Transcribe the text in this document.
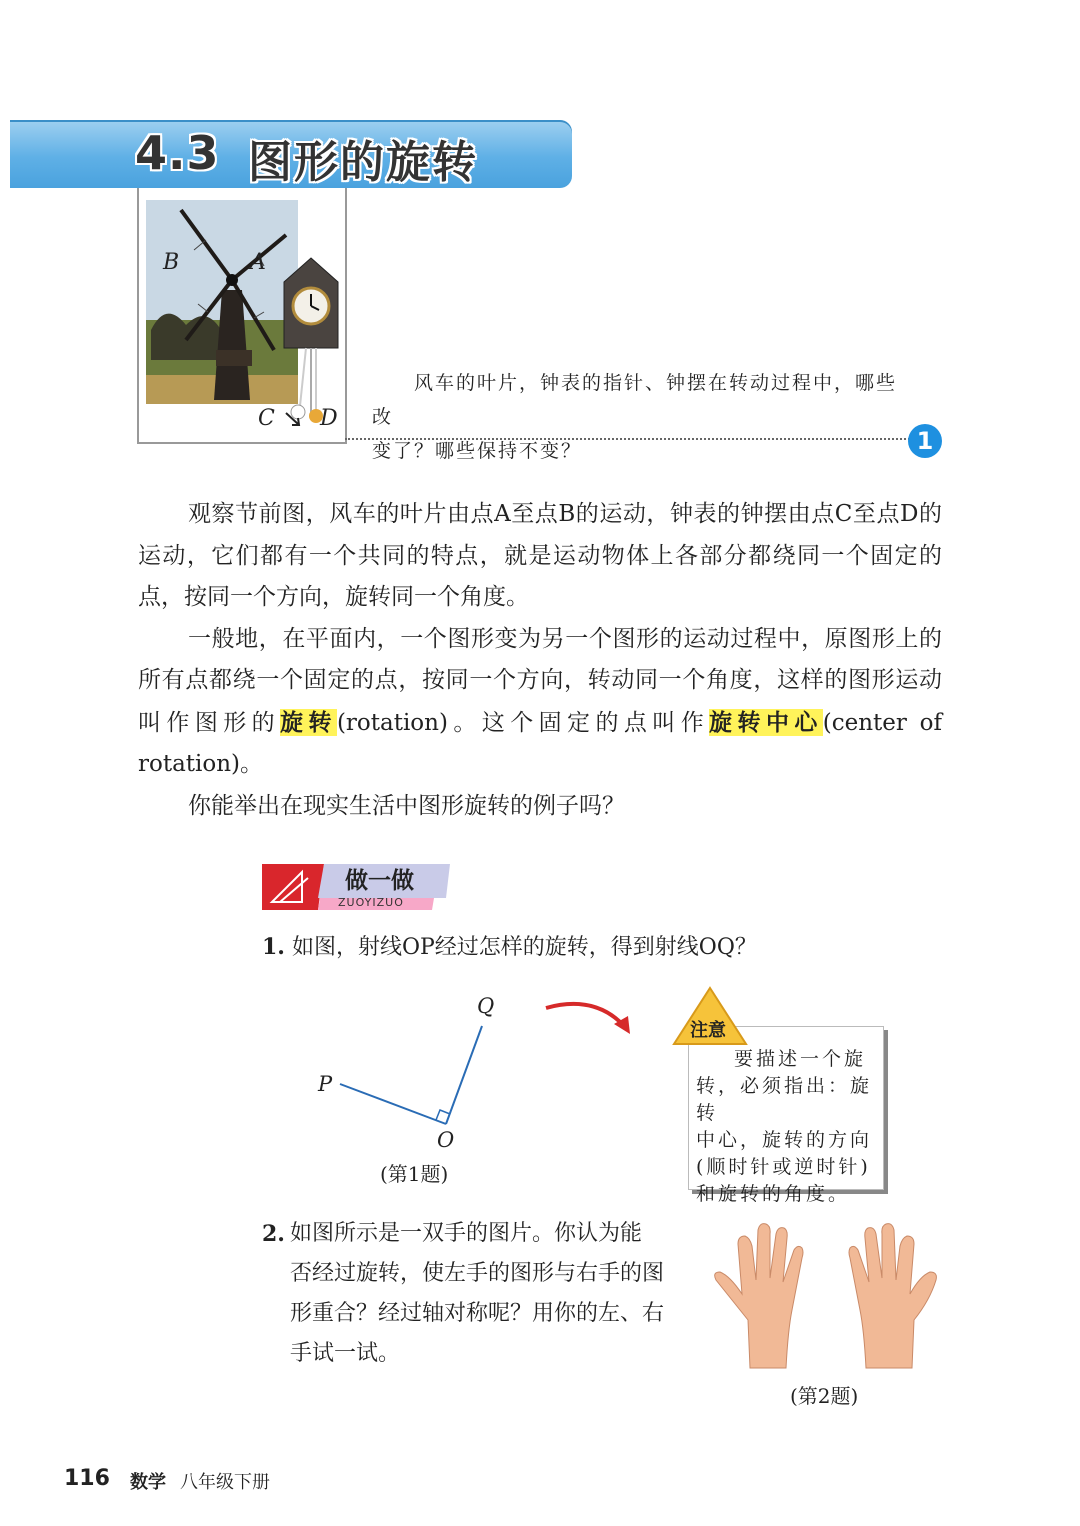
4.3 图形的旋转
B	A
C D

风车的叶片，钟表的指针、钟摆在转动过程中，哪些改

变了？哪些保持不变？	1

观察节前图，风车的叶片由点A至点B的运动，钟表的钟摆由点C至点D的运动，它们都有一个共同的特点，就是运动物体上各部分都绕同一个固定的点，按同一个方向，旋转同一个角度。

一般地，在平面内，一个图形变为另一个图形的运动过程中，原图形上的所有点都绕一个固定的点，按同一个方向，转动同一个角度，这样的图形运动叫作图形的旋转(rotation)。这个固定的点叫作旋转中心(center of rotation)。

你能举出在现实生活中图形旋转的例子吗？

做一做
ZUOYIZUO
1. 如图，射线OP经过怎样的旋转，得到射线OQ？
P
Q
O
(第1题)
注意

要描述一个旋

转，必须指出：旋转

中心，旋转的方向

(顺时针或逆时针)

和旋转的角度。

2. 如图所示是一双手的图片。你认为能

否经过旋转，使左手的图形与右手的图

形重合？经过轴对称呢？用你的左、右

手试一试。

(第2题)
116 数学 八年级下册
